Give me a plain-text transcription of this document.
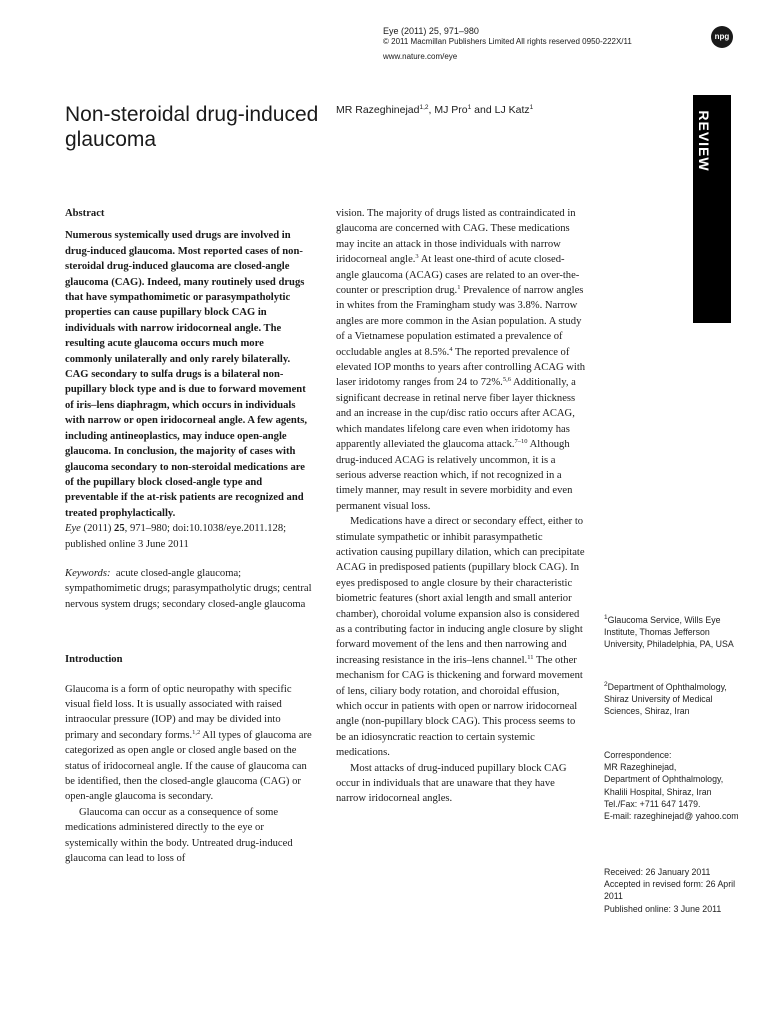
Eye (2011) 25, 971–980
© 2011 Macmillan Publishers Limited All rights reserved 0950-222X/11
www.nature.com/eye
npg
REVIEW
Non-steroidal drug-induced glaucoma
MR Razeghinejad$^{1,2}$, MJ Pro$^1$ and LJ Katz$^1$
Abstract

Numerous systemically used drugs are involved in drug-induced glaucoma. Most reported cases of non-steroidal drug-induced glaucoma are closed-angle glaucoma (CAG). Indeed, many routinely used drugs that have sympathomimetic or parasympatholytic properties can cause pupillary block CAG in individuals with narrow iridocorneal angle. The resulting acute glaucoma occurs much more commonly unilaterally and only rarely bilaterally. CAG secondary to sulfa drugs is a bilateral non-pupillary block type and is due to forward movement of iris–lens diaphragm, which occurs in individuals with narrow or open iridocorneal angle. A few agents, including antineoplastics, may induce open-angle glaucoma. In conclusion, the majority of cases with glaucoma secondary to non-steroidal medications are of the pupillary block closed-angle type and preventable if the at-risk patients are recognized and treated prophylactically.

Eye (2011) 25, 971–980; doi:10.1038/eye.2011.128;

published online 3 June 2011

Keywords: acute closed-angle glaucoma; sympathomimetic drugs; parasympatholytic drugs; central nervous system drugs; secondary closed-angle glaucoma

Introduction

Glaucoma is a form of optic neuropathy with specific visual field loss. It is usually associated with raised intraocular pressure (IOP) and may be divided into primary and secondary forms.$^{1,2}$ All types of glaucoma are categorized as open angle or closed angle based on the status of iridocorneal angle. If the cause of glaucoma can be identified, then the closed-angle glaucoma (CAG) or open-angle glaucoma is secondary.

Glaucoma can occur as a consequence of some medications administered directly to the eye or systemically within the body. Untreated drug-induced glaucoma can lead to loss of

vision. The majority of drugs listed as contraindicated in glaucoma are concerned with CAG. These medications may incite an attack in those individuals with narrow iridocorneal angle.$^3$ At least one-third of acute closed-angle glaucoma (ACAG) cases are related to an over-the-counter or prescription drug.$^1$ Prevalence of narrow angles in whites from the Framingham study was 3.8%. Narrow angles are more common in the Asian population. A study of a Vietnamese population estimated a prevalence of occludable angles at 8.5%.$^4$ The reported prevalence of elevated IOP months to years after controlling ACAG with laser iridotomy ranges from 24 to 72%.$^{5,6}$ Additionally, a significant decrease in retinal nerve fiber layer thickness and an increase in the cup/disc ratio occurs after ACAG, which mandates lifelong care even when iridotomy has apparently alleviated the glaucoma attack.$^{7-10}$ Although drug-induced ACAG is relatively uncommon, it is a serious adverse reaction which, if not recognized in a timely manner, may result in severe morbidity and even permanent visual loss.

Medications have a direct or secondary effect, either to stimulate sympathetic or inhibit parasympathetic activation causing pupillary dilation, which can precipitate ACAG in predisposed patients (pupillary block CAG). In eyes predisposed to angle closure by their characteristic biometric features (short axial length and small anterior chamber), choroidal volume expansion also is considered as a contributing factor in inducing angle closure by slight forward movement of the lens and then narrowing and increasing resistance in the iris–lens channel.$^{11}$ The other mechanism for CAG is thickening and forward movement of lens, ciliary body rotation, and choroidal effusion, which occur in patients with open or narrow iridocorneal angle (non-pupillary block CAG). This process seems to be an idiosyncratic reaction to certain systemic medications.

Most attacks of drug-induced pupillary block CAG occur in individuals that are unaware that they have narrow iridocorneal angles.

$^1$Glaucoma Service, Wills Eye Institute, Thomas Jefferson University, Philadelphia, PA, USA
$^2$Department of Ophthalmology, Shiraz University of Medical Sciences, Shiraz, Iran
Correspondence:
MR Razeghinejad,
Department of Ophthalmology, Khalili Hospital, Shiraz, Iran
Tel./Fax: +711 647 1479.
E-mail: razeghinejad@ yahoo.com
Received: 26 January 2011
Accepted in revised form: 26 April 2011
Published online: 3 June 2011
